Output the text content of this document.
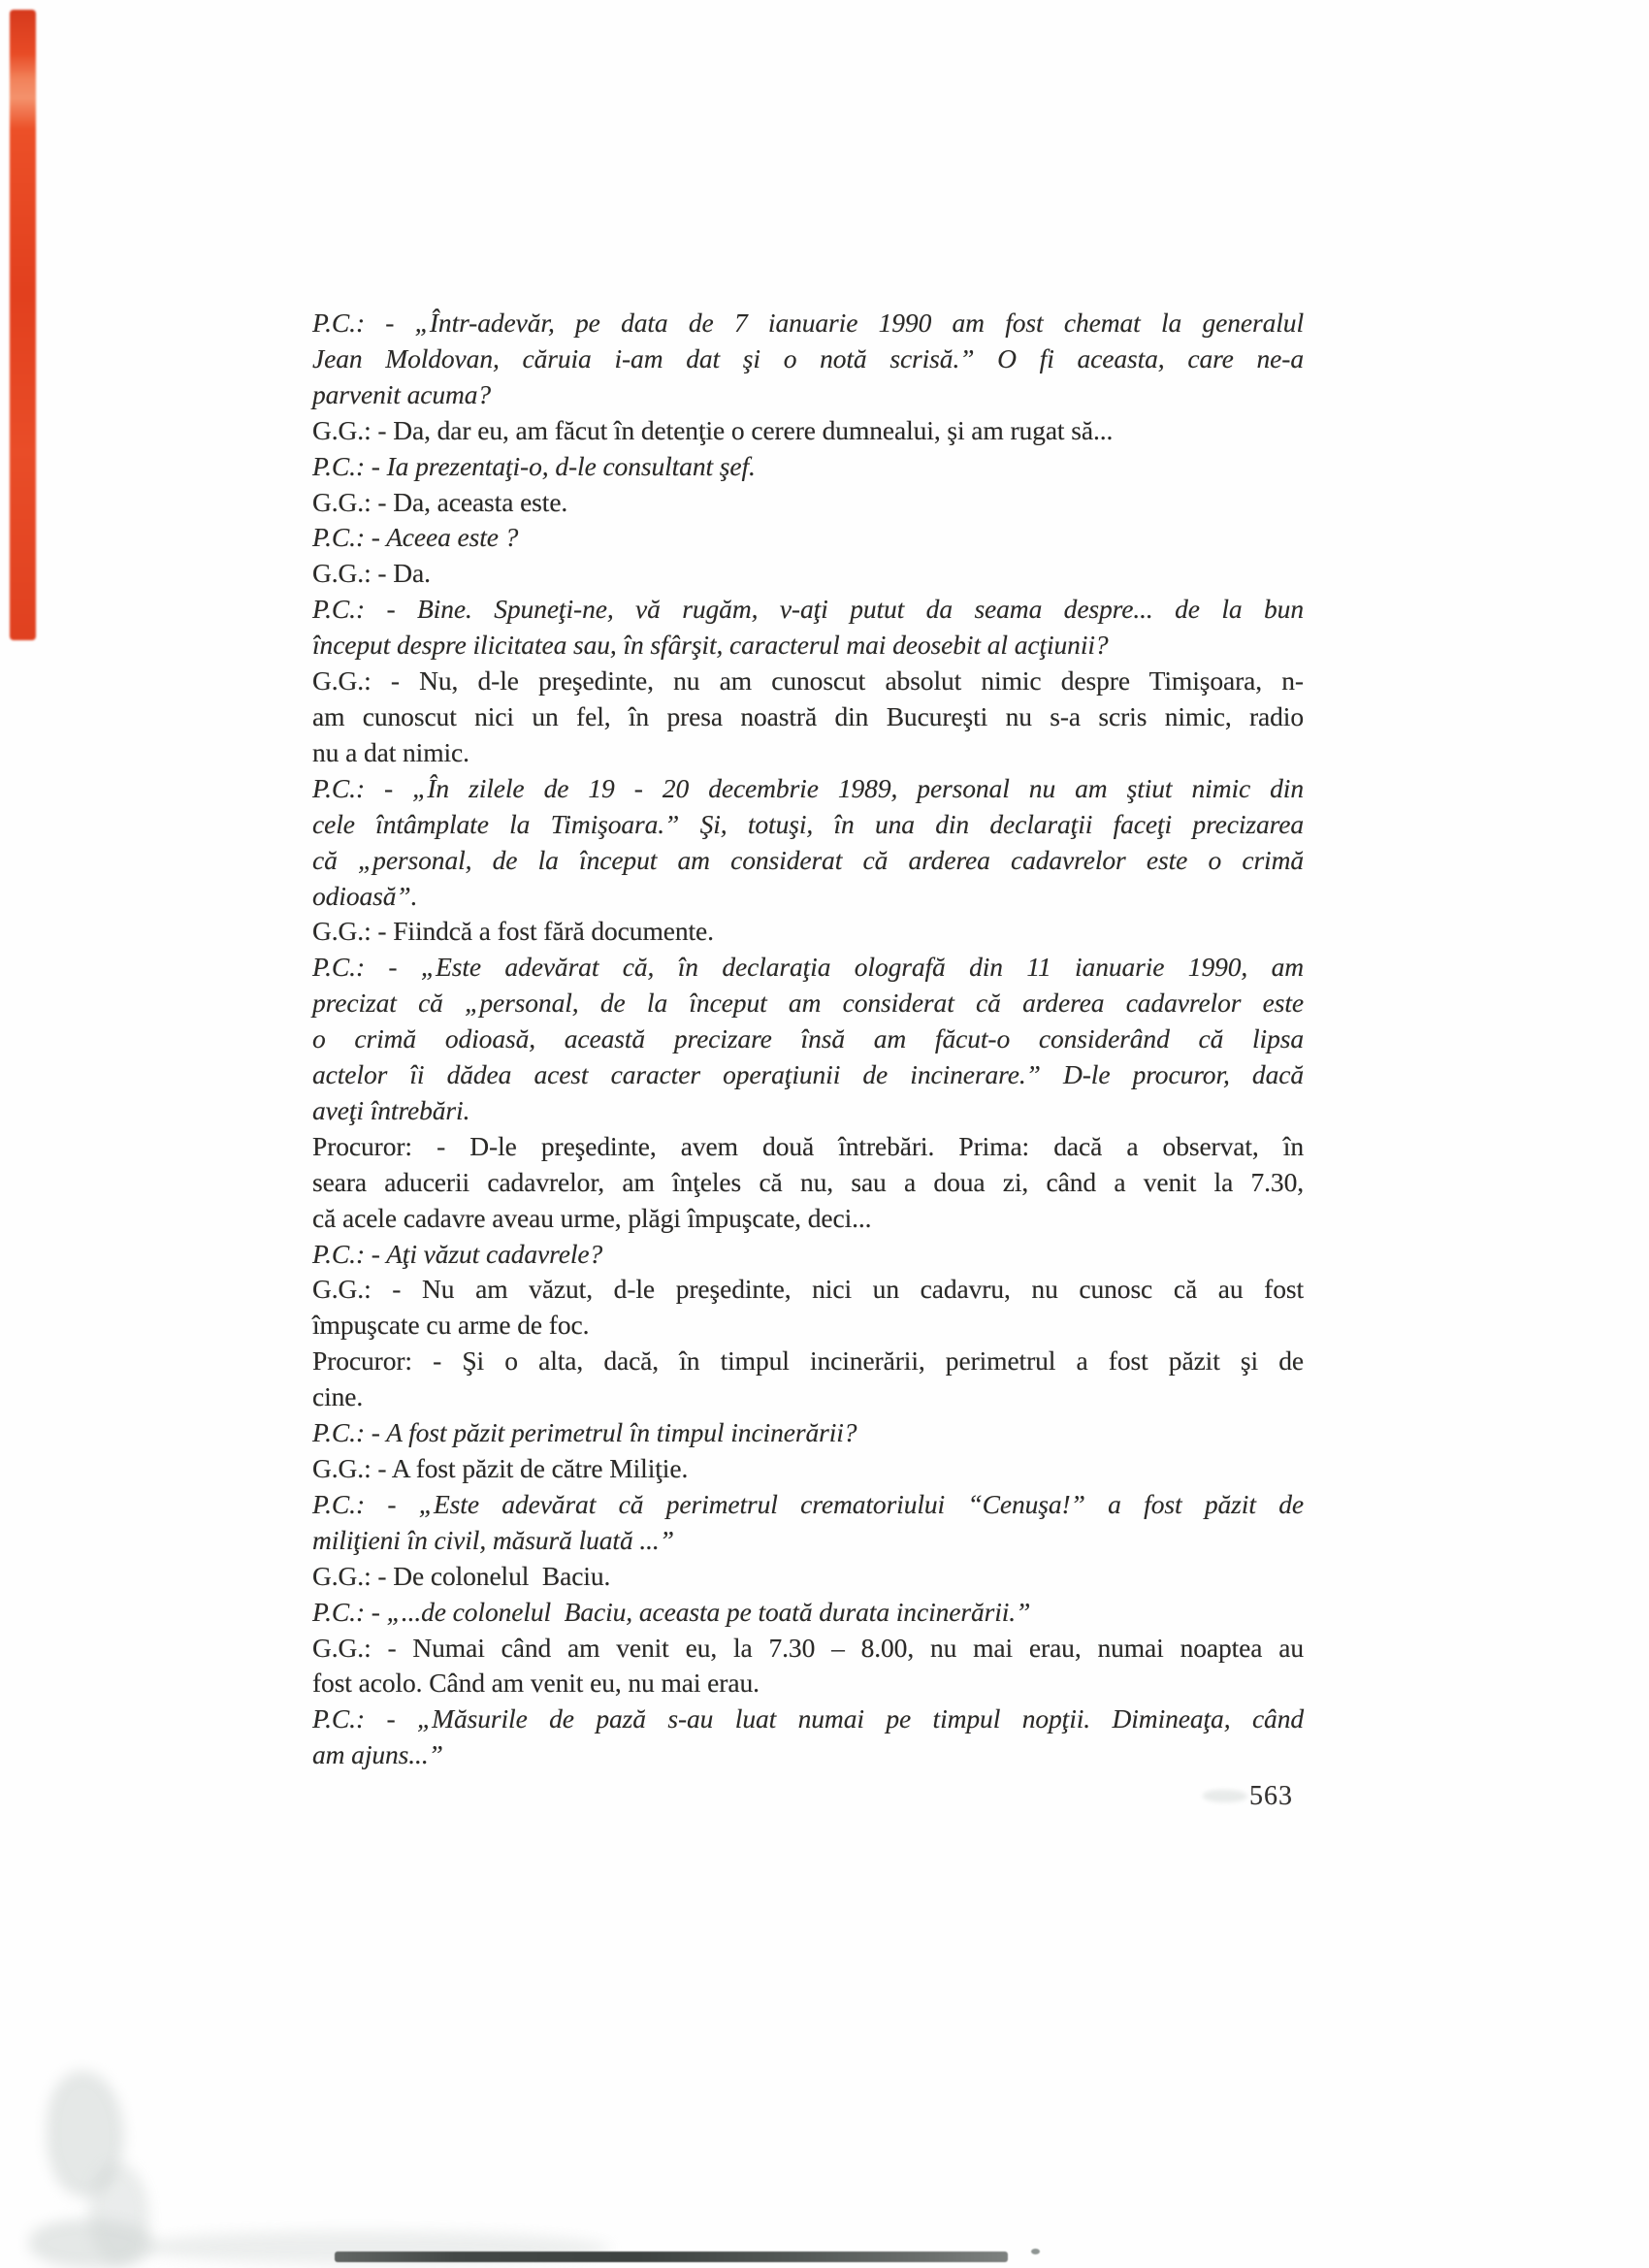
P.C.: - „Într-adevăr, pe data de 7 ianuarie 1990 am fost chemat la generalul
Jean Moldovan, căruia i-am dat şi o notă scrisă.” O fi aceasta, care ne-a
parvenit acuma?
G.G.: - Da, dar eu, am făcut în detenţie o cerere dumnealui, şi am rugat să...
P.C.: - Ia prezentaţi-o, d-le consultant şef.
G.G.: - Da, aceasta este.
P.C.: - Aceea este ?
G.G.: - Da.
P.C.: - Bine. Spuneţi-ne, vă rugăm, v-aţi putut da seama despre... de la bun
început despre ilicitatea sau, în sfârşit, caracterul mai deosebit al acţiunii?
G.G.: - Nu, d-le preşedinte, nu am cunoscut absolut nimic despre Timişoara, n-
am cunoscut nici un fel, în presa noastră din Bucureşti nu s-a scris nimic, radio
nu a dat nimic.
P.C.: - „În zilele de 19 - 20 decembrie 1989, personal nu am ştiut nimic din
cele întâmplate la Timişoara.” Şi, totuşi, în una din declaraţii faceţi precizarea
că „personal, de la început am considerat că arderea cadavrelor este o crimă
odioasă”.
G.G.: - Fiindcă a fost fără documente.
P.C.: - „Este adevărat că, în declaraţia olografă din 11 ianuarie 1990, am
precizat că „personal, de la început am considerat că arderea cadavrelor este
o crimă odioasă, această precizare însă am făcut-o considerând că lipsa
actelor îi dădea acest caracter operaţiunii de incinerare.” D-le procuror, dacă
aveţi întrebări.
Procuror: - D-le preşedinte, avem două întrebări. Prima: dacă a observat, în
seara aducerii cadavrelor, am înţeles că nu, sau a doua zi, când a venit la 7.30,
că acele cadavre aveau urme, plăgi împuşcate, deci...
P.C.: - Aţi văzut cadavrele?
G.G.: - Nu am văzut, d-le preşedinte, nici un cadavru, nu cunosc că au fost
împuşcate cu arme de foc.
Procuror: - Şi o alta, dacă, în timpul incinerării, perimetrul a fost păzit şi de
cine.
P.C.: - A fost păzit perimetrul în timpul incinerării?
G.G.: - A fost păzit de către Miliţie.
P.C.: - „Este adevărat că perimetrul crematoriului “Cenuşa!” a fost păzit de
miliţieni în civil, măsură luată ...”
G.G.: - De colonelul  Baciu.
P.C.: - „...de colonelul  Baciu, aceasta pe toată durata incinerării.”
G.G.: - Numai când am venit eu, la 7.30 – 8.00, nu mai erau, numai noaptea au
fost acolo. Când am venit eu, nu mai erau.
P.C.: - „Măsurile de pază s-au luat numai pe timpul nopţii. Dimineaţa, când
am ajuns...”
563
